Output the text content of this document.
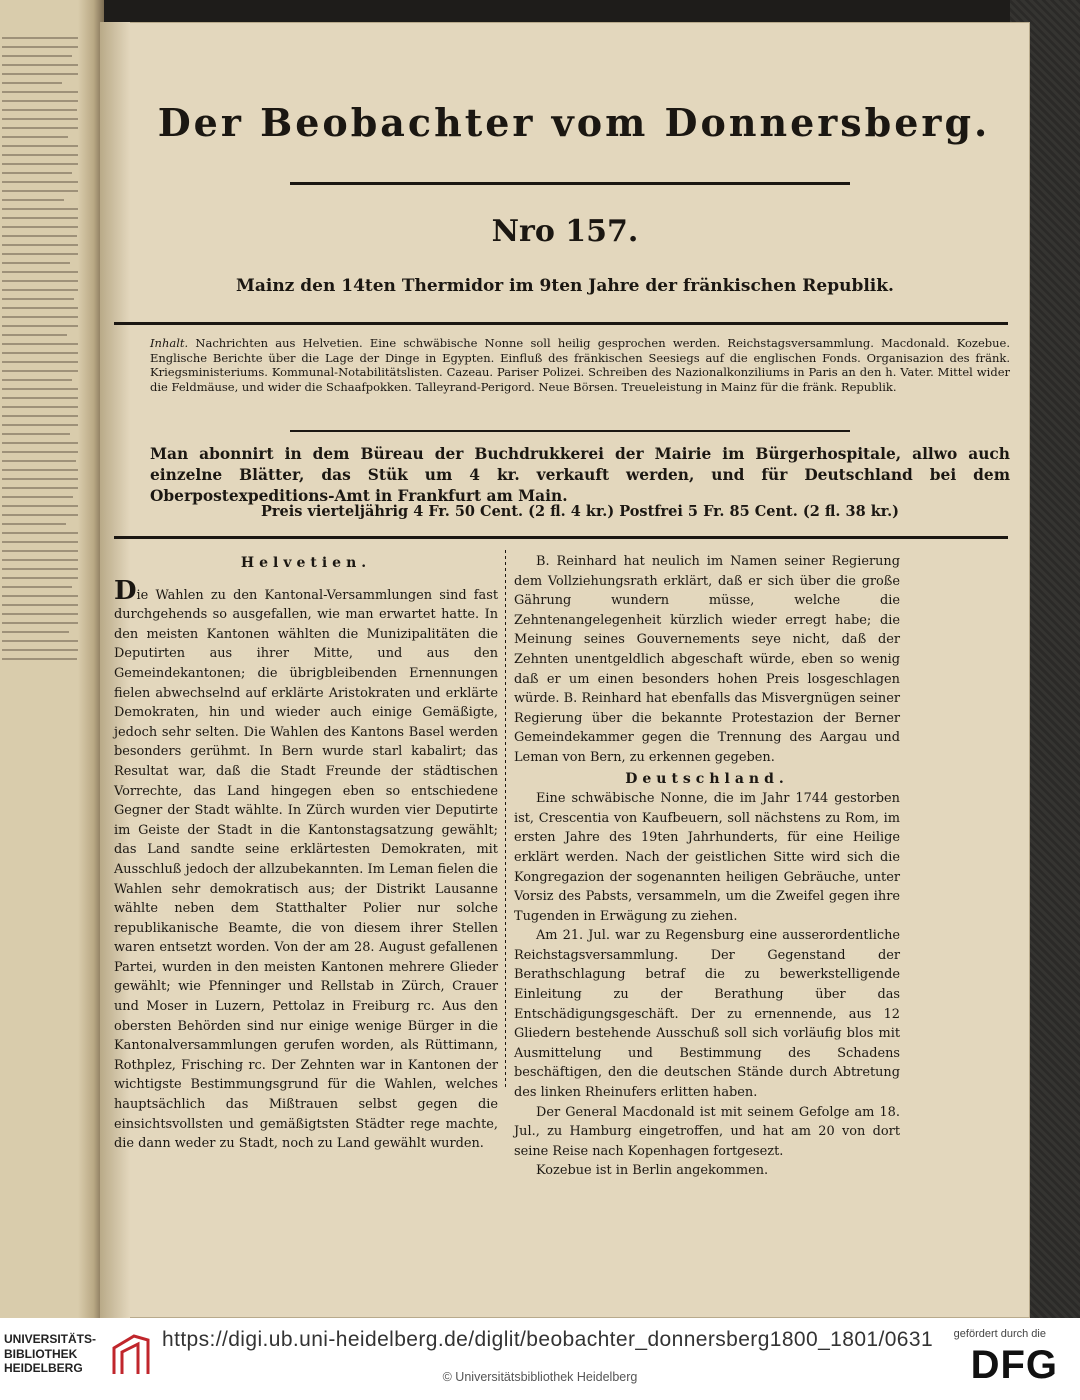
Der Beobachter vom Donnersberg.
Nro 157.
Mainz den 14ten Thermidor im 9ten Jahre der fränkischen Republik.
Inhalt. Nachrichten aus Helvetien. Eine schwäbische Nonne soll heilig gesprochen werden. Reichstagsversammlung. Macdonald. Kozebue. Englische Berichte über die Lage der Dinge in Egypten. Einfluß des fränkischen Seesiegs auf die englischen Fonds. Organisazion des fränk. Kriegsministeriums. Kommunal-Notabilitätslisten. Cazeau. Pariser Polizei. Schreiben des Nazionalkonziliums in Paris an den h. Vater. Mittel wider die Feldmäuse, und wider die Schaafpokken. Talleyrand-Perigord. Neue Börsen. Treueleistung in Mainz für die fränk. Republik.
Man abonnirt in dem Büreau der Buchdrukkerei der Mairie im Bürgerhospitale, allwo auch einzelne Blätter, das Stük um 4 kr. verkauft werden, und für Deutschland bei dem Oberpostexpeditions-Amt in Frankfurt am Main.
Preis vierteljährig 4 Fr. 50 Cent. (2 fl. 4 kr.) Postfrei 5 Fr. 85 Cent. (2 fl. 38 kr.)
Helvetien.

Die Wahlen zu den Kantonal-Versammlungen sind fast durchgehends so ausgefallen, wie man erwartet hatte. In den meisten Kantonen wählten die Munizipalitäten die Deputirten aus ihrer Mitte, und aus den Gemeindekantonen; die übrigbleibenden Ernennungen fielen abwechselnd auf erklärte Aristokraten und erklärte Demokraten, hin und wieder auch einige Gemäßigte, jedoch sehr selten. Die Wahlen des Kantons Basel werden besonders gerühmt. In Bern wurde starl kabalirt; das Resultat war, daß die Stadt Freunde der städtischen Vorrechte, das Land hingegen eben so entschiedene Gegner der Stadt wählte. In Zürch wurden vier Deputirte im Geiste der Stadt in die Kantonstagsatzung gewählt; das Land sandte seine erklärtesten Demokraten, mit Ausschluß jedoch der allzubekannten. Im Leman fielen die Wahlen sehr demokratisch aus; der Distrikt Lausanne wählte neben dem Statthalter Polier nur solche republikanische Beamte, die von diesem ihrer Stellen waren entsetzt worden. Von der am 28. August gefallenen Partei, wurden in den meisten Kantonen mehrere Glieder gewählt; wie Pfenninger und Rellstab in Zürch, Crauer und Moser in Luzern, Pettolaz in Freiburg rc. Aus den obersten Behörden sind nur einige wenige Bürger in die Kantonalversammlungen gerufen worden, als Rüttimann, Rothplez, Frisching rc. Der Zehnten war in Kantonen der wichtigste Bestimmungsgrund für die Wahlen, welches hauptsächlich das Mißtrauen selbst gegen die einsichtsvollsten und gemäßigtsten Städter rege machte, die dann weder zu Stadt, noch zu Land gewählt wurden.

B. Reinhard hat neulich im Namen seiner Regierung dem Vollziehungsrath erklärt, daß er sich über die große Gährung wundern müsse, welche die Zehntenangelegenheit kürzlich wieder erregt habe; die Meinung seines Gouvernements seye nicht, daß der Zehnten unentgeldlich abgeschaft würde, eben so wenig daß er um einen besonders hohen Preis losgeschlagen würde. B. Reinhard hat ebenfalls das Misvergnügen seiner Regierung über die bekannte Protestazion der Berner Gemeindekammer gegen die Trennung des Aargau und Leman von Bern, zu erkennen gegeben.

Deutschland.

Eine schwäbische Nonne, die im Jahr 1744 gestorben ist, Crescentia von Kaufbeuern, soll nächstens zu Rom, im ersten Jahre des 19ten Jahrhunderts, für eine Heilige erklärt werden. Nach der geistlichen Sitte wird sich die Kongregazion der sogenannten heiligen Gebräuche, unter Vorsiz des Pabsts, versammeln, um die Zweifel gegen ihre Tugenden in Erwägung zu ziehen.

Am 21. Jul. war zu Regensburg eine ausserordentliche Reichstagsversammlung. Der Gegenstand der Berathschlagung betraf die zu bewerkstelligende Einleitung zu der Berathung über das Entschädigungsgeschäft. Der zu ernennende, aus 12 Gliedern bestehende Ausschuß soll sich vorläufig blos mit Ausmittelung und Bestimmung des Schadens beschäftigen, den die deutschen Stände durch Abtretung des linken Rheinufers erlitten haben.

Der General Macdonald ist mit seinem Gefolge am 18. Jul., zu Hamburg eingetroffen, und hat am 20 von dort seine Reise nach Kopenhagen fortgesezt.

Kozebue ist in Berlin angekommen.

UNIVERSITÄTS-
BIBLIOTHEK
HEIDELBERG
https://digi.ub.uni-heidelberg.de/diglit/beobachter_donnersberg1800_1801/0631
© Universitätsbibliothek Heidelberg
gefördert durch die
DFG
